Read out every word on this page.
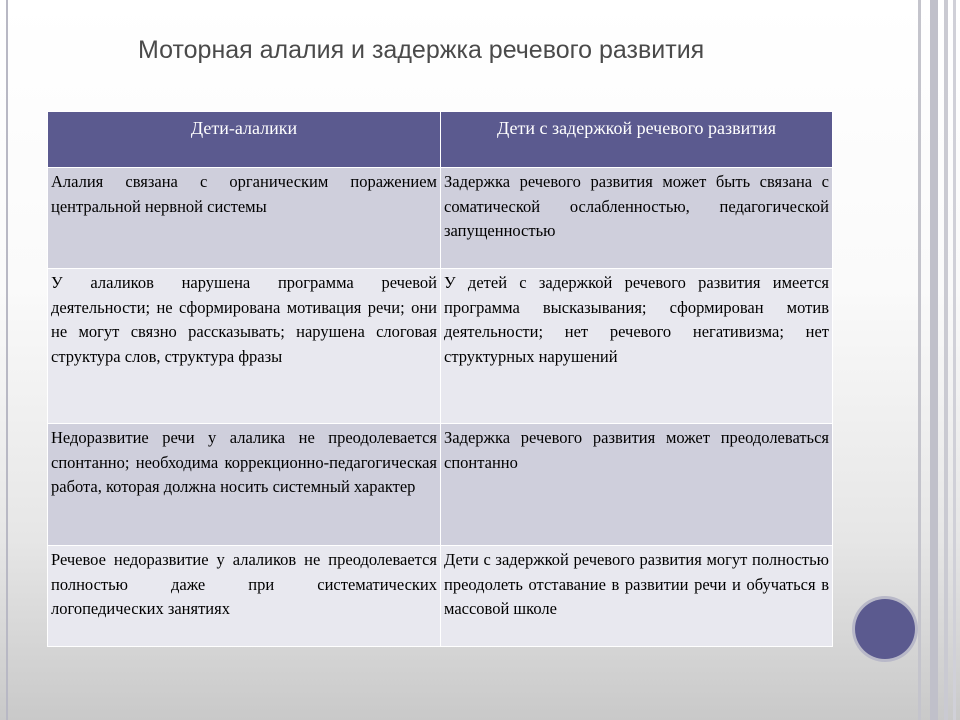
Моторная алалия и задержка речевого развития
Дети-алалики	Дети с задержкой речевого развития
Алалия связана с органическим поражением центральной нервной системы	Задержка речевого развития может быть связана с соматической ослабленностью, педагогической запущенностью
У алаликов нарушена программа речевой деятельности; не сформирована мотивация речи; они не могут связно рассказывать; нарушена слоговая структура слов, структура фразы	У детей с задержкой речевого развития имеется программа высказывания; сформирован мотив деятельности; нет речевого негативизма; нет структурных нарушений
Недоразвитие речи у алалика не преодолевается спонтанно; необходима коррекционно-педагогическая работа, которая должна носить системный характер	Задержка речевого развития может преодолеваться спонтанно
Речевое недоразвитие у алаликов не преодолевается полностью даже при систематических логопедических занятиях	Дети с задержкой речевого развития могут полностью преодолеть отставание в развитии речи и обучаться в массовой школе
